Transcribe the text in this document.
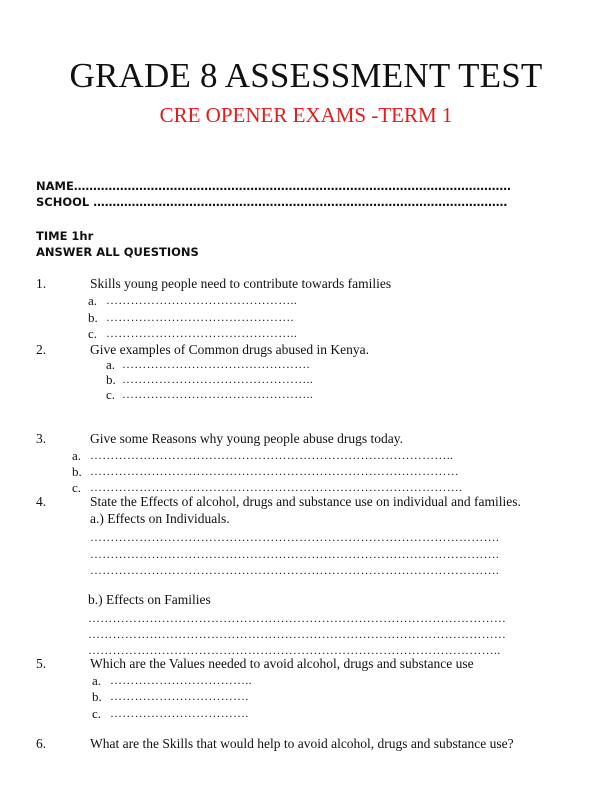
GRADE 8 ASSESSMENT TEST
CRE OPENER EXAMS -TERM 1
NAME……………………………………………………………………………………………………
SCHOOL ………………………………………………………………………………………………
TIME 1hr
ANSWER ALL QUESTIONS
1.	Skills young people need to contribute towards families
a. ………………………………………..
b. ……………………………………….
c. ………………………………………..
2.	Give examples of Common drugs abused in Kenya.
a. ……………………………………….
b. ………………………………………..
c. ………………………………………..
3.	Give some Reasons why young people abuse drugs today.
a. ……………………………………………………………………………..
b. ………………………………………………………………………………
c. ……………………………………………………………………………….
4.	State the Effects of alcohol, drugs and substance use on individual and families.
a.) Effects on Individuals.
……………………………………………………………………………………….
……………………………………………………………………………………….
……………………………………………………………………………………….
b.) Effects on Families
…………………………………………………………………………………………
…………………………………………………………………………………………
………………………………………………………………………………………..
5.	Which are the Values needed to avoid alcohol, drugs and substance use
a. ……………………………..
b. …………………………….
c. …………………………….
6.	What are the Skills that would help to avoid alcohol, drugs and substance use?
